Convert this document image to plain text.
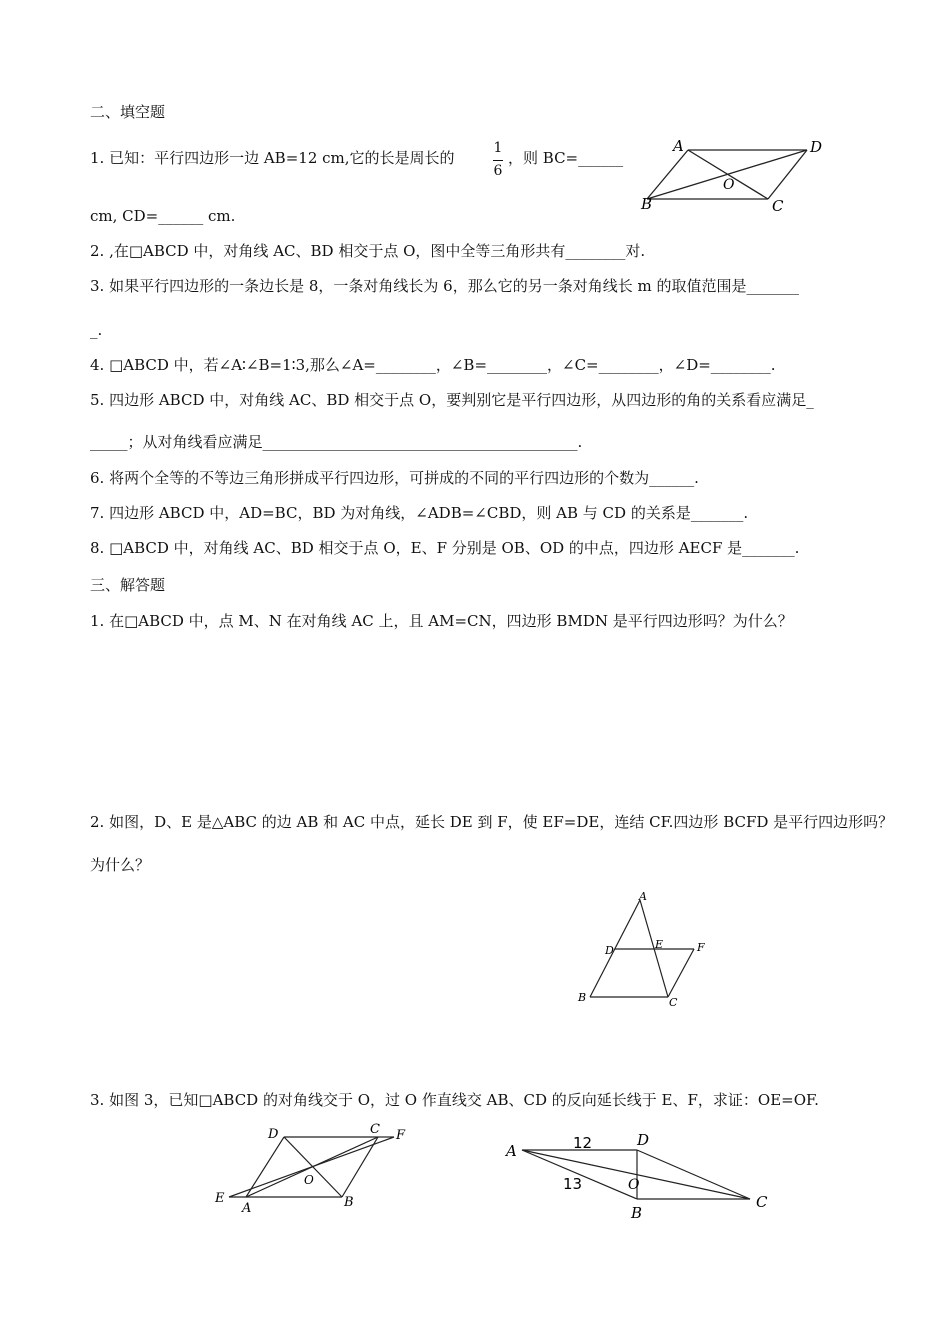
二、填空题
1. 已知：平行四边形一边 AB=12 cm,它的长是周长的
1
6
，则 BC=______
cm, CD=______ cm.
A	D
B	C
O
2. ,在□ABCD 中，对角线 AC、BD 相交于点 O，图中全等三角形共有________对.
3. 如果平行四边形的一条边长是 8，一条对角线长为 6，那么它的另一条对角线长 m 的取值范围是_______
_.
4. □ABCD 中，若∠A∶∠B=1∶3,那么∠A=________，∠B=________，∠C=________，∠D=________.
5. 四边形 ABCD 中，对角线 AC、BD 相交于点 O，要判别它是平行四边形，从四边形的角的关系看应满足_
_____；从对角线看应满足__________________________________________.
6. 将两个全等的不等边三角形拼成平行四边形，可拼成的不同的平行四边形的个数为______.
7. 四边形 ABCD 中，AD=BC，BD 为对角线，∠ADB=∠CBD，则 AB 与 CD 的关系是_______.
8. □ABCD 中，对角线 AC、BD 相交于点 O，E、F 分别是 OB、OD 的中点，四边形 AECF 是_______.
三、解答题
1. 在□ABCD 中，点 M、N 在对角线 AC 上，且 AM=CN，四边形 BMDN 是平行四边形吗？为什么？
2. 如图，D、E 是△ABC 的边 AB 和 AC 中点，延长 DE 到 F，使 EF=DE，连结 CF.四边形 BCFD 是平行四边形吗？
为什么？
A
D	E	F
B	C
3. 如图 3，已知□ABCD 的对角线交于 O，过 O 作直线交 AB、CD 的反向延长线于 E、F，求证：OE=OF.
D	C F
E
A	B
O
A
D
O
B
C
12
13
